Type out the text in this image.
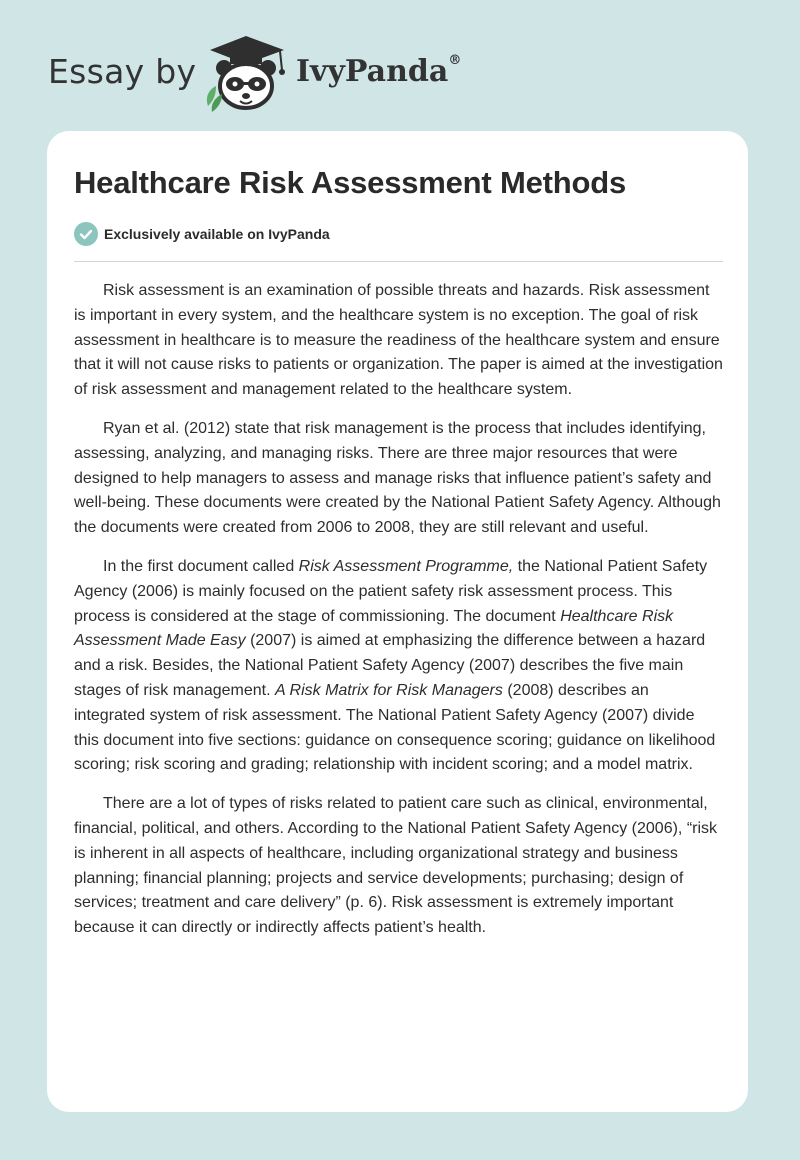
Essay by	IvyPanda®
Healthcare Risk Assessment Methods
Exclusively available on IvyPanda

Risk assessment is an examination of possible threats and hazards. Risk assessment is important in every system, and the healthcare system is no exception. The goal of risk assessment in healthcare is to measure the readiness of the healthcare system and ensure that it will not cause risks to patients or organization. The paper is aimed at the investigation of risk assessment and management related to the healthcare system.

Ryan et al. (2012) state that risk management is the process that includes identifying, assessing, analyzing, and managing risks. There are three major resources that were designed to help managers to assess and manage risks that influence patient’s safety and well-being. These documents were created by the National Patient Safety Agency. Although the documents were created from 2006 to 2008, they are still relevant and useful.

In the first document called Risk Assessment Programme, the National Patient Safety Agency (2006) is mainly focused on the patient safety risk assessment process. This process is considered at the stage of commissioning. The document Healthcare Risk Assessment Made Easy (2007) is aimed at emphasizing the difference between a hazard and a risk. Besides, the National Patient Safety Agency (2007) describes the five main stages of risk management. A Risk Matrix for Risk Managers (2008) describes an integrated system of risk assessment. The National Patient Safety Agency (2007) divide this document into five sections: guidance on consequence scoring; guidance on likelihood scoring; risk scoring and grading; relationship with incident scoring; and a model matrix.

There are a lot of types of risks related to patient care such as clinical, environmental, financial, political, and others. According to the National Patient Safety Agency (2006), “risk is inherent in all aspects of healthcare, including organizational strategy and business planning; financial planning; projects and service developments; purchasing; design of services; treatment and care delivery” (p. 6). Risk assessment is extremely important because it can directly or indirectly affects patient’s health.
